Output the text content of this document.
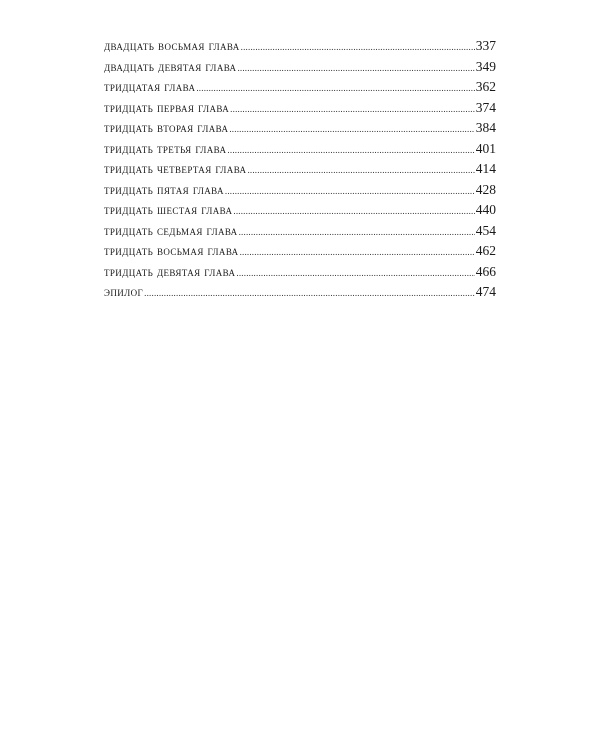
двадцать восьмая глава .....	337
двадцать девятая глава .....	349
тридцатая глава .....	362
тридцать первая глава .....	374
тридцать вторая глава .....	384
тридцать третья глава .....	401
тридцать четвертая глава .....	414
тридцать пятая глава .....	428
тридцать шестая глава .....	440
тридцать седьмая глава .....	454
тридцать восьмая глава .....	462
тридцать девятая глава .....	466
эпилог .....	474
